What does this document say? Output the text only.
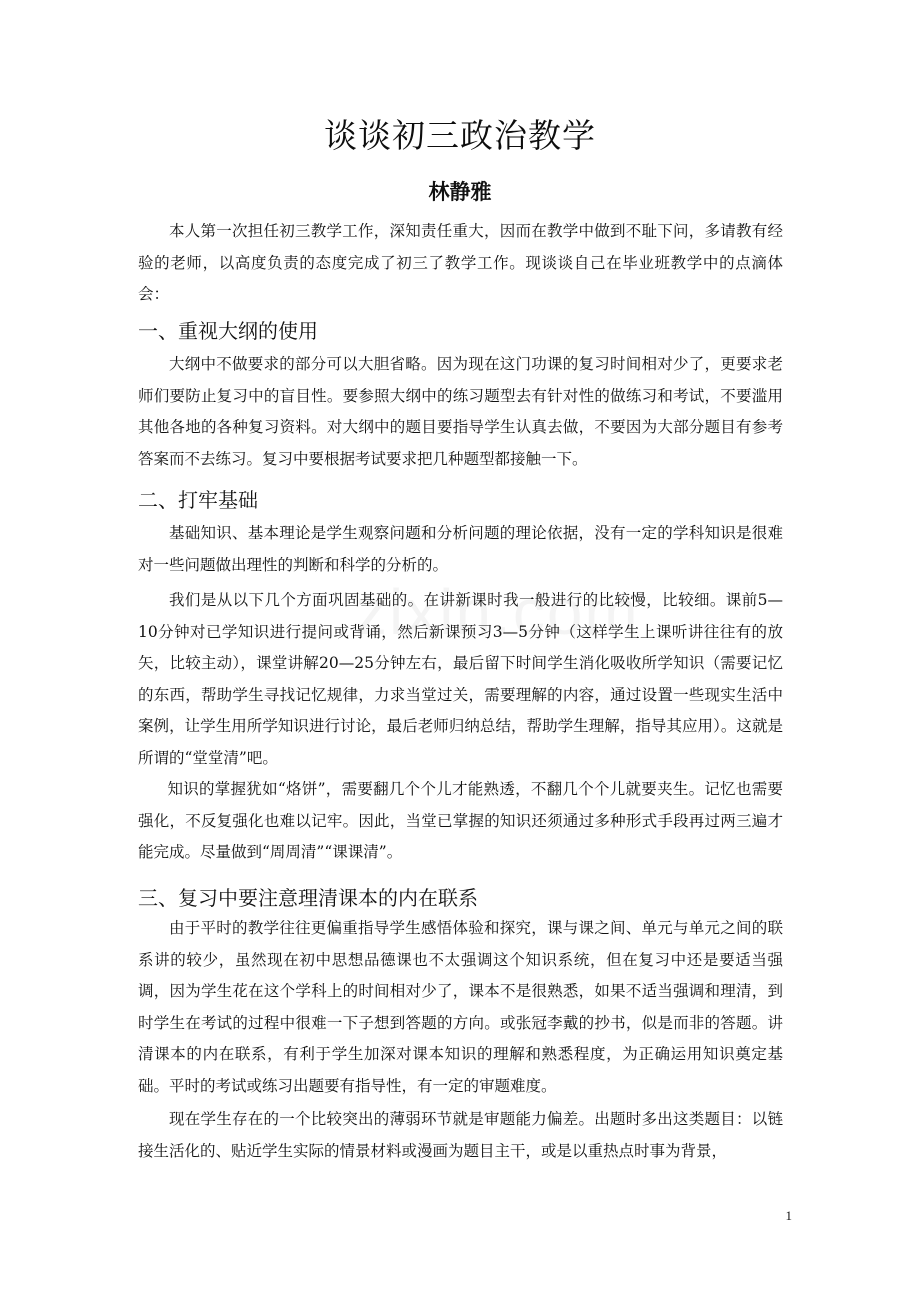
谈谈初三政治教学
林静雅

本人第一次担任初三教学工作，深知责任重大，因而在教学中做到不耻下问，多请教有经验的老师，以高度负责的态度完成了初三了教学工作。现谈谈自己在毕业班教学中的点滴体会：

一、重视大纲的使用

大纲中不做要求的部分可以大胆省略。因为现在这门功课的复习时间相对少了，更要求老师们要防止复习中的盲目性。要参照大纲中的练习题型去有针对性的做练习和考试，不要滥用其他各地的各种复习资料。对大纲中的题目要指导学生认真去做，不要因为大部分题目有参考答案而不去练习。复习中要根据考试要求把几种题型都接触一下。

二、打牢基础

基础知识、基本理论是学生观察问题和分析问题的理论依据，没有一定的学科知识是很难对一些问题做出理性的判断和科学的分析的。

我们是从以下几个方面巩固基础的。在讲新课时我一般进行的比较慢，比较细。课前5—10分钟对已学知识进行提问或背诵，然后新课预习3—5分钟（这样学生上课听讲往往有的放矢，比较主动），课堂讲解20—25分钟左右，最后留下时间学生消化吸收所学知识（需要记忆的东西，帮助学生寻找记忆规律，力求当堂过关，需要理解的内容，通过设置一些现实生活中案例，让学生用所学知识进行讨论，最后老师归纳总结，帮助学生理解，指导其应用）。这就是所谓的“堂堂清”吧。

知识的掌握犹如“烙饼”，需要翻几个个儿才能熟透，不翻几个个儿就要夹生。记忆也需要强化，不反复强化也难以记牢。因此，当堂已掌握的知识还须通过多种形式手段再过两三遍才能完成。尽量做到“周周清”“课课清”。

三、复习中要注意理清课本的内在联系

由于平时的教学往往更偏重指导学生感悟体验和探究，课与课之间、单元与单元之间的联系讲的较少，虽然现在初中思想品德课也不太强调这个知识系统，但在复习中还是要适当强调，因为学生花在这个学科上的时间相对少了，课本不是很熟悉，如果不适当强调和理清，到时学生在考试的过程中很难一下子想到答题的方向。或张冠李戴的抄书，似是而非的答题。讲清课本的内在联系，有利于学生加深对课本知识的理解和熟悉程度，为正确运用知识奠定基础。平时的考试或练习出题要有指导性，有一定的审题难度。

现在学生存在的一个比较突出的薄弱环节就是审题能力偏差。出题时多出这类题目：以链接生活化的、贴近学生实际的情景材料或漫画为题目主干，或是以重热点时事为背景，

1
